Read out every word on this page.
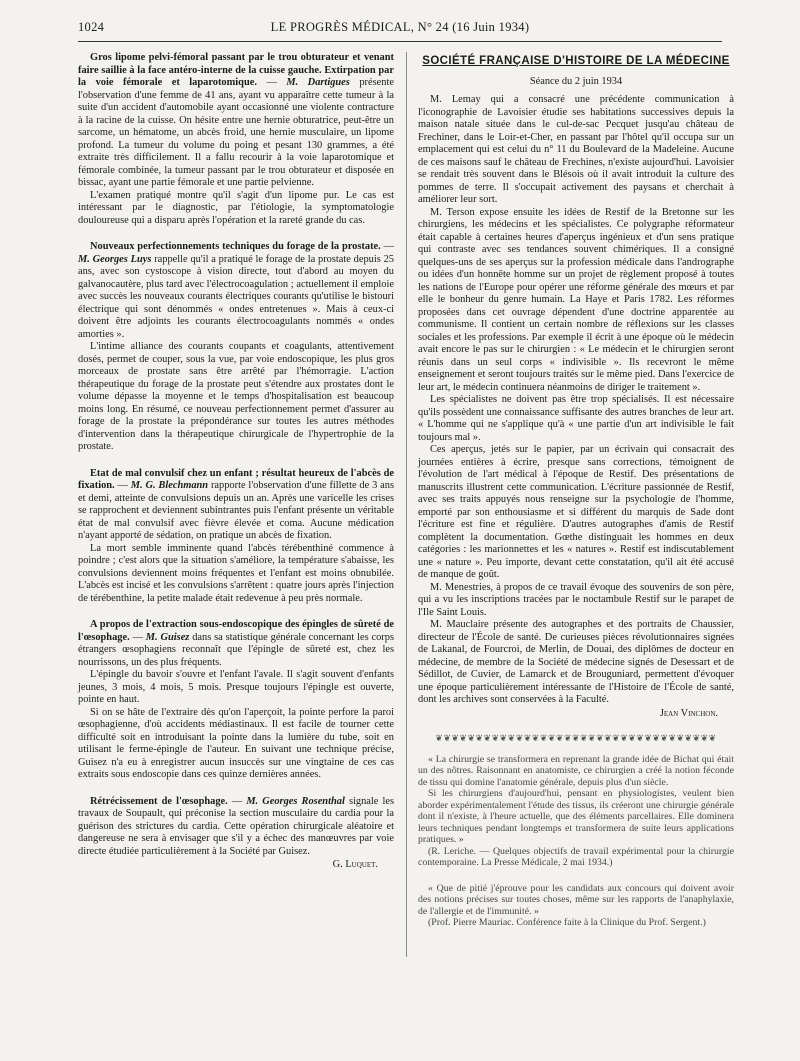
1024	LE PROGRÈS MÉDICAL, N° 24 (16 Juin 1934)

Gros lipome pelvi-fémoral passant par le trou obturateur et venant faire saillie à la face antéro-interne de la cuisse gauche. Extirpation par la voie fémorale et laparotomique. — M. Dartigues présente l'observation d'une femme de 41 ans, ayant vu apparaître cette tumeur à la suite d'un accident d'automobile ayant occasionné une violente contracture à la racine de la cuisse. On hésite entre une hernie obturatrice, peut-être un sarcome, un hématome, un abcès froid, une hernie musculaire, un lipome profond. La tumeur du volume du poing et pesant 130 grammes, a été extraite très difficilement. Il a fallu recourir à la voie laparotomique et fémorale combinée, la tumeur passant par le trou obturateur et disposée en bissac, ayant une partie fémorale et une partie pelvienne.

L'examen pratiqué montre qu'il s'agit d'un lipome pur. Le cas est intéressant par le diagnostic, par l'étiologie, la symptomatologie douloureuse qui a disparu après l'opération et la rareté grande du cas.

Nouveaux perfectionnements techniques du forage de la prostate. — M. Georges Luys rappelle qu'il a pratiqué le forage de la prostate depuis 25 ans, avec son cystoscope à vision directe, tout d'abord au moyen du galvanocautère, plus tard avec l'électrocoagulation ; actuellement il emploie avec succès les nouveaux courants électriques courants qu'utilise le bistouri électrique qui sont dénommés « ondes entretenues ». Mais à ceux-ci doivent être adjoints les courants électrocoagulants nommés « ondes amorties ».

L'intime alliance des courants coupants et coagulants, attentivement dosés, permet de couper, sous la vue, par voie endoscopique, les plus gros morceaux de prostate sans être arrêté par l'hémorragie. L'action thérapeutique du forage de la prostate peut s'étendre aux prostates dont le volume dépasse la moyenne et le temps d'hospitalisation est beaucoup moins long. En résumé, ce nouveau perfectionnement permet d'assurer au forage de la prostate la prépondérance sur toutes les autres méthodes d'intervention dans la thérapeutique chirurgicale de l'hypertrophie de la prostate.

Etat de mal convulsif chez un enfant ; résultat heureux de l'abcès de fixation. — M. G. Blechmann rapporte l'observation d'une fillette de 3 ans et demi, atteinte de convulsions depuis un an. Après une varicelle les crises se rapprochent et deviennent subintrantes puis l'enfant présente un véritable état de mal convulsif avec fièvre élevée et coma. Aucune médication n'ayant apporté de sédation, on pratique un abcès de fixation.

La mort semble imminente quand l'abcès térébenthiné commence à poindre ; c'est alors que la situation s'améliore, la température s'abaisse, les convulsions deviennent moins fréquentes et l'enfant est moins obnubilée. L'abcès est incisé et les convulsions s'arrêtent : quatre jours après l'injection de térébenthine, la petite malade était redevenue à peu près normale.

A propos de l'extraction sous-endoscopique des épingles de sûreté de l'œsophage. — M. Guisez dans sa statistique générale concernant les corps étrangers œsophagiens reconnaît que l'épingle de sûreté est, chez les nourrissons, un des plus fréquents.

L'épingle du bavoir s'ouvre et l'enfant l'avale. Il s'agit souvent d'enfants jeunes, 3 mois, 4 mois, 5 mois. Presque toujours l'épingle est ouverte, pointe en haut.

Si on se hâte de l'extraire dès qu'on l'aperçoit, la pointe perfore la paroi œsophagienne, d'où accidents médiastinaux. Il est facile de tourner cette difficulté soit en introduisant la pointe dans la lumière du tube, soit en utilisant le ferme-épingle de l'auteur. En suivant une technique précise, Guisez n'a eu à enregistrer aucun insuccès sur une vingtaine de ces cas extraits sous endoscopie dans ces quinze dernières années.

Rétrécissement de l'œsophage. — M. Georges Rosenthal signale les travaux de Soupault, qui préconise la section musculaire du cardia pour la guérison des strictures du cardia. Cette opération chirurgicale aléatoire et dangereuse ne sera à envisager que s'il y a échec des manœuvres par voie directe étudiée particulièrement à la Société par Guisez.

G. Luquet.

SOCIÉTÉ FRANÇAISE D'HISTOIRE DE LA MÉDECINE

Séance du 2 juin 1934

M. Lemay qui a consacré une précédente communication à l'iconographie de Lavoisier étudie ses habitations successives depuis la maison natale située dans le cul-de-sac Pecquet jusqu'au château de Frechiner, dans le Loir-et-Cher, en passant par l'hôtel qu'il occupa sur un emplacement qui est celui du n° 11 du Boulevard de la Madeleine. Aucune de ces maisons sauf le château de Frechines, n'existe aujourd'hui. Lavoisier se rendait très souvent dans le Blésois où il avait introduit la culture des pommes de terre. Il s'occupait activement des paysans et cherchait à améliorer leur sort.

M. Terson expose ensuite les idées de Restif de la Bretonne sur les chirurgiens, les médecins et les spécialistes. Ce polygraphe réformateur était capable à certaines heures d'aperçus ingénieux et d'un sens pratique qui contraste avec ses tendances souvent chimériques. Il a consigné quelques-uns de ses aperçus sur la profession médicale dans l'andrographe ou idées d'un honnête homme sur un projet de règlement proposé à toutes les nations de l'Europe pour opérer une réforme générale des mœurs et par elle le bonheur du genre humain. La Haye et Paris 1782. Les réformes proposées dans cet ouvrage dépendent d'une doctrine apparentée au communisme. Il contient un certain nombre de réflexions sur les classes sociales et les professions. Par exemple il écrit à une époque où le médecin avait encore le pas sur le chirurgien : « Le médecin et le chirurgien seront réunis dans un seul corps « indivisible ». Ils recevront le même enseignement et seront toujours traités sur le même pied. Dans l'exercice de leur art, le médecin continuera néanmoins de diriger le traitement ».

Les spécialistes ne doivent pas être trop spécialisés. Il est nécessaire qu'ils possèdent une connaissance suffisante des autres branches de leur art. « L'homme qui ne s'applique qu'à « une partie d'un art indivisible le fait toujours mal ».

Ces aperçus, jetés sur le papier, par un écrivain qui consacrait des journées entières à écrire, presque sans corrections, témoignent de l'évolution de l'art médical à l'époque de Restif. Des présentations de manuscrits illustrent cette communication. L'écriture passionnée de Restif, avec ses traits appuyés nous renseigne sur la psychologie de l'homme, emporté par son enthousiasme et si différent du marquis de Sade dont l'écriture est fine et régulière. D'autres autographes d'amis de Restif complètent la documentation. Gœthe distinguait les hommes en deux catégories : les marionnettes et les « natures ». Restif est indiscutablement une « nature ». Peu importe, devant cette constatation, qu'il ait été accusé de manque de goût.

M. Menestries, à propos de ce travail évoque des souvenirs de son père, qui a vu les inscriptions tracées par le noctambule Restif sur le parapet de l'Ile Saint Louis.

M. Mauclaire présente des autographes et des portraits de Chaussier, directeur de l'École de santé. De curieuses pièces révolutionnaires signées de Lakanal, de Fourcroi, de Merlin, de Douai, des diplômes de docteur en médecine, de membre de la Société de médecine signés de Desessart et de Sédillot, de Cuvier, de Lamarck et de Brouguniard, permettent d'évoquer une époque particulièrement intéressante de l'Histoire de l'École de santé, dont les archives sont conservées à la Faculté.

Jean Vinchon.

❦❦❦❦❦❦❦❦❦❦❦❦❦❦❦❦❦❦❦❦❦❦❦❦❦❦❦❦❦❦❦❦❦❦❦

« La chirurgie se transformera en reprenant la grande idée de Bichat qui était un des nôtres. Raisonnant en anatomiste, ce chirurgien a créé la notion féconde de tissu qui domine l'anatomie générale, depuis plus d'un siècle.

Si les chirurgiens d'aujourd'hui, pensant en physiologistes, veulent bien aborder expérimentalement l'étude des tissus, ils créeront une chirurgie générale dont il n'existe, à l'heure actuelle, que des éléments parcellaires. Elle dominera leurs techniques pendant longtemps et transformera de suite leurs applications pratiques. »

(R. Leriche. — Quelques objectifs de travail expérimental pour la chirurgie contemporaine. La Presse Médicale, 2 mai 1934.)

« Que de pitié j'éprouve pour les candidats aux concours qui doivent avoir des notions précises sur toutes choses, même sur les rapports de l'anaphylaxie, de l'allergie et de l'immunité. »

(Prof. Pierre Mauriac. Conférence faite à la Clinique du Prof. Sergent.)
